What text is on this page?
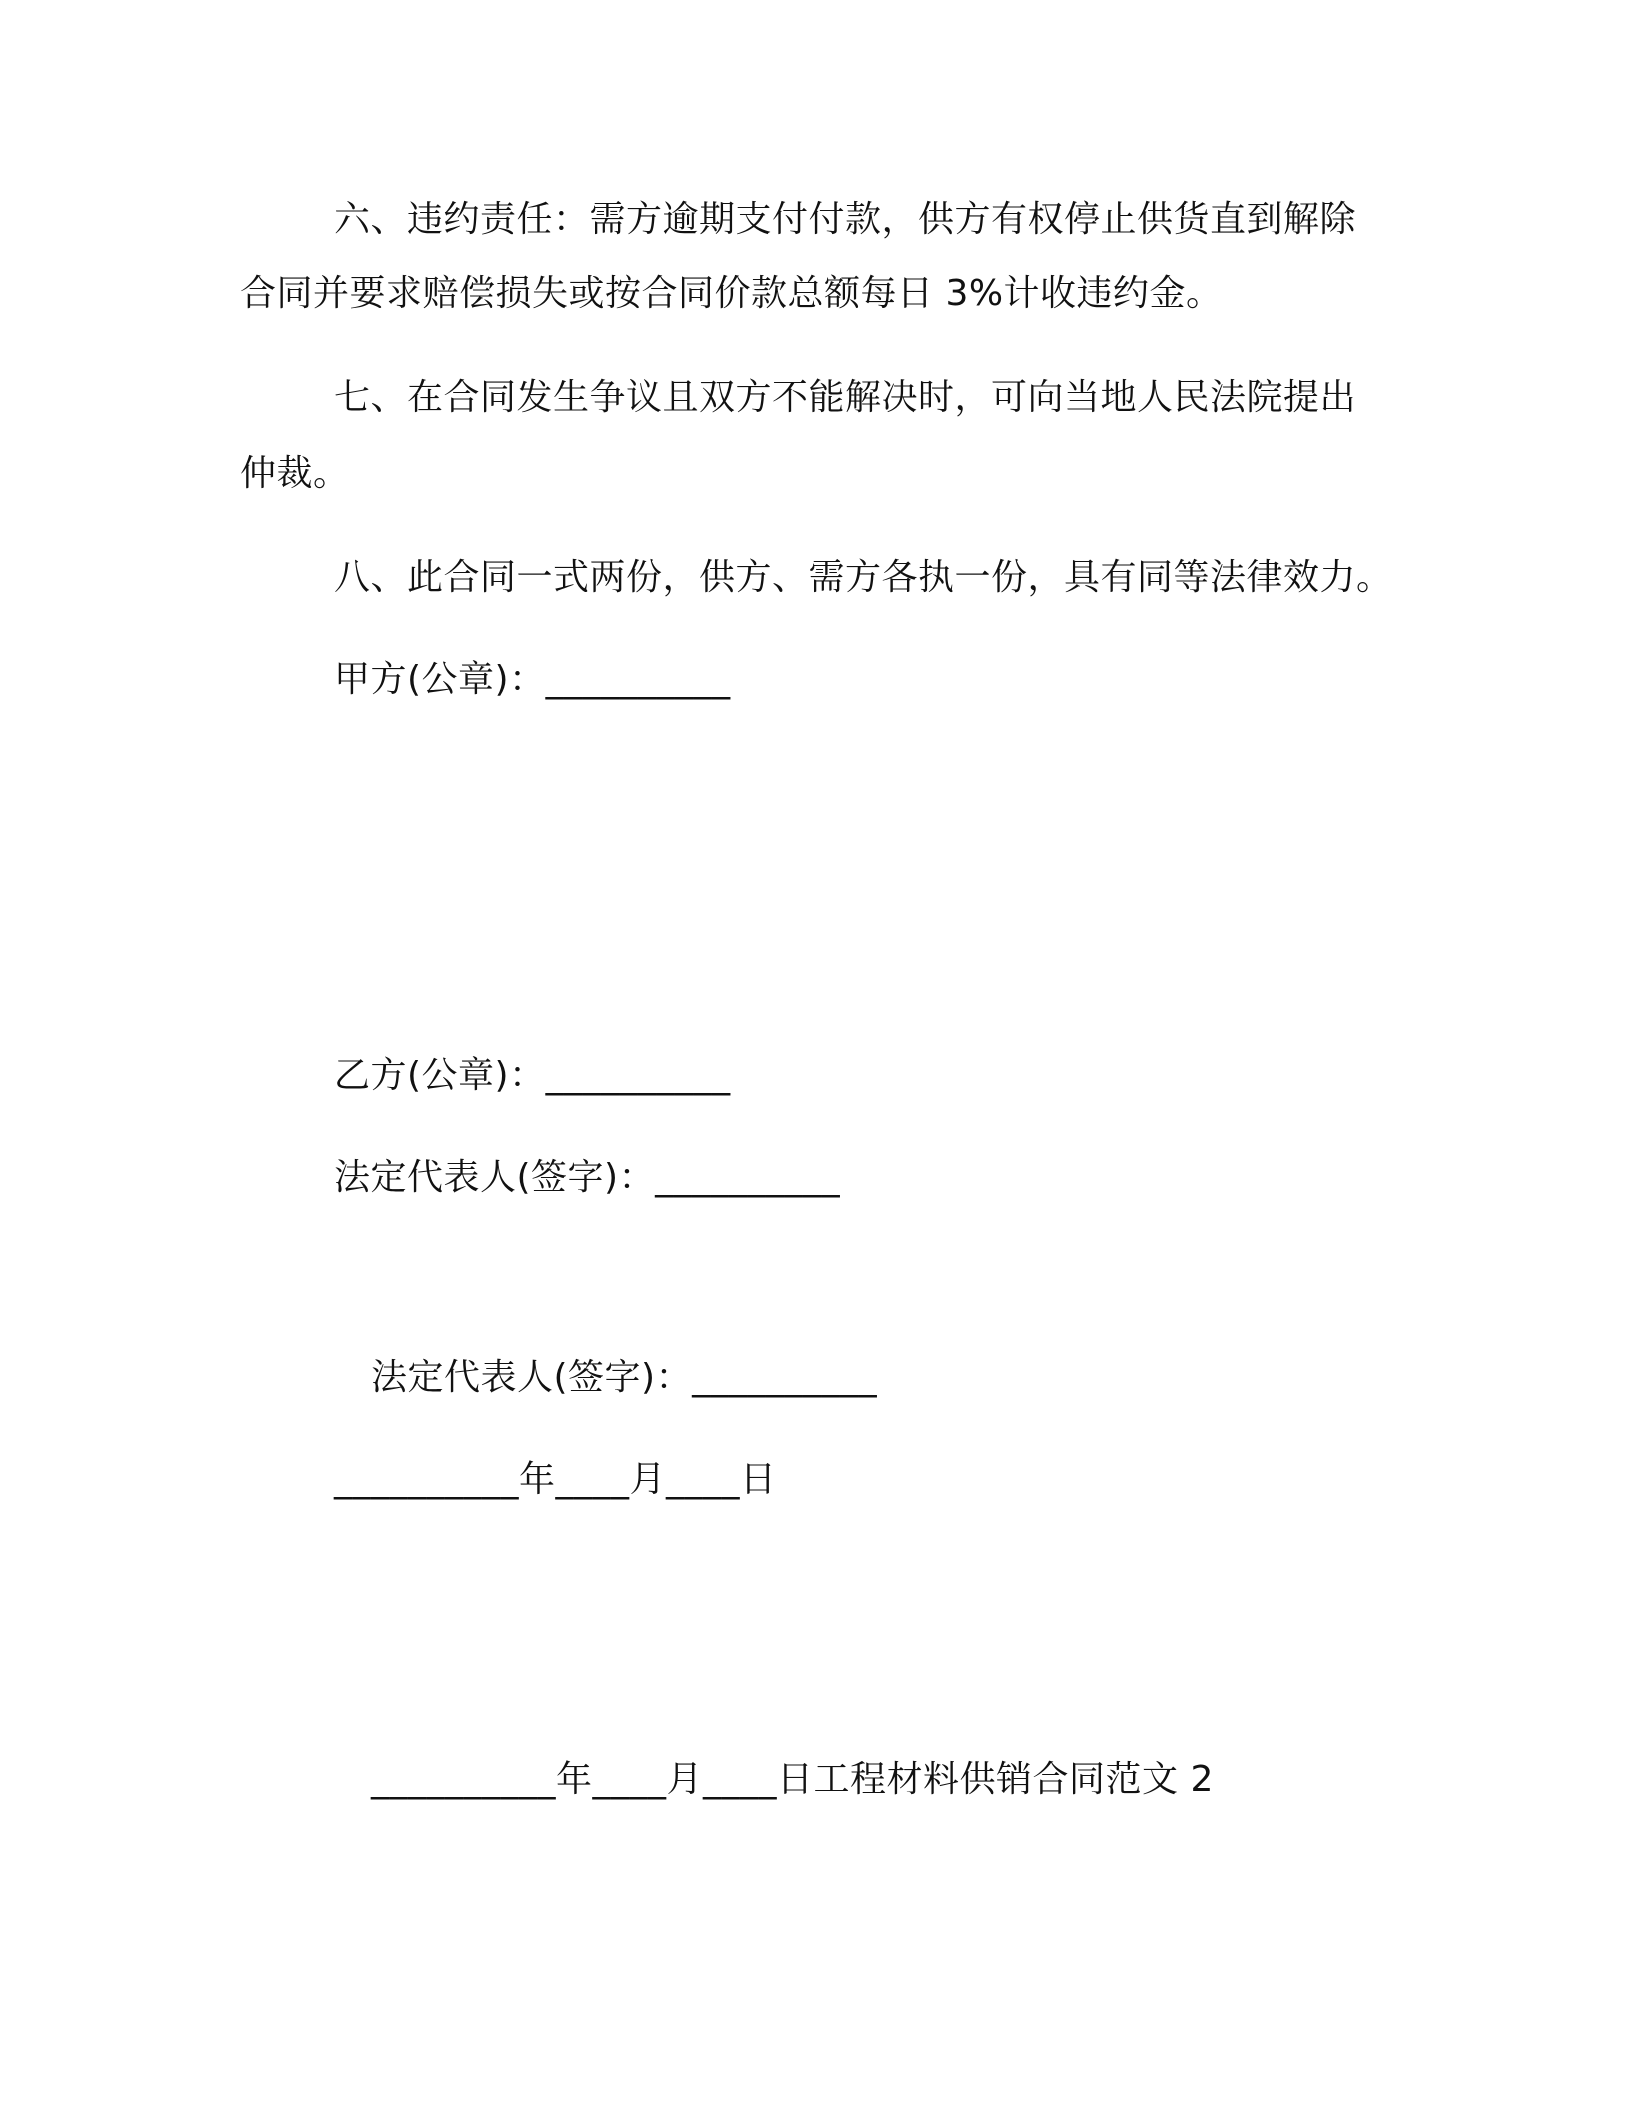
六、违约责任：需方逾期支付付款，供方有权停止供货直到解除
合同并要求赔偿损失或按合同价款总额每日 3%计收违约金。
七、在合同发生争议且双方不能解决时，可向当地人民法院提出
仲裁。
八、此合同一式两份，供方、需方各执一份，具有同等法律效力。
甲方(公章)：__________
乙方(公章)：__________
法定代表人(签字)：__________
法定代表人(签字)：__________
__________年____月____日
__________年____月____日工程材料供销合同范文 2
